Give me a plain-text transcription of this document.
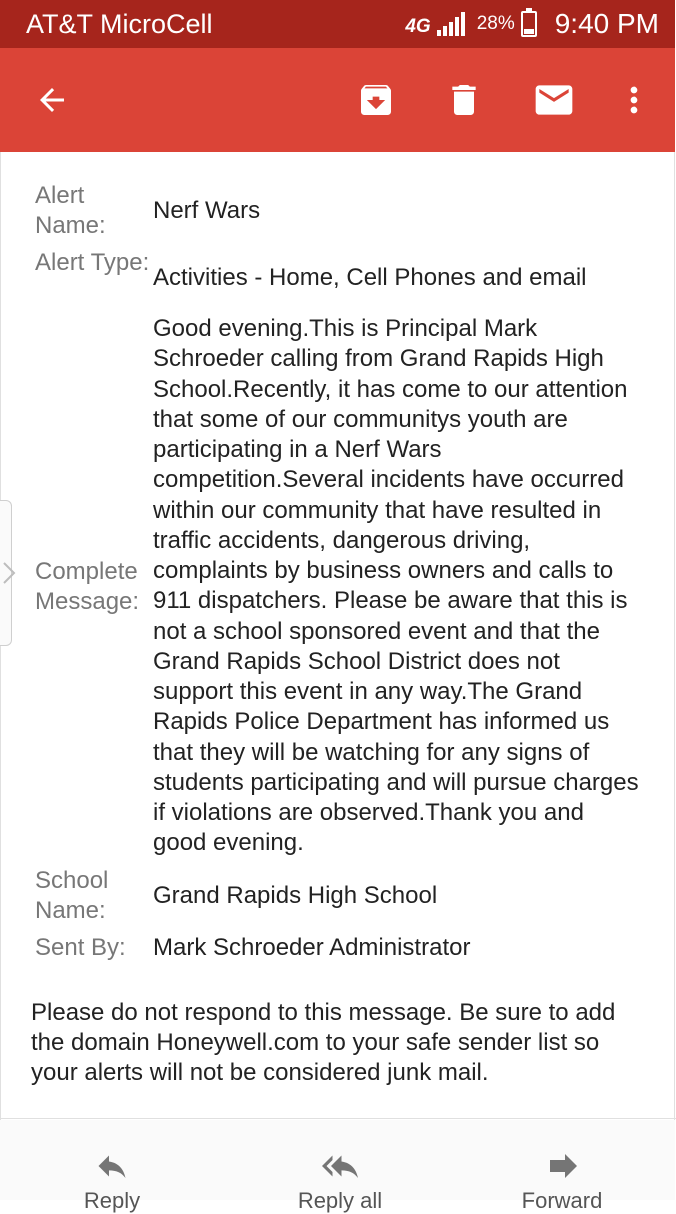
AT&T MicroCell	4G 28% 9:40 PM
Alert Name:
Nerf Wars
Alert Type:
Activities - Home, Cell Phones and email
Complete Message:
Good evening.This is Principal Mark Schroeder calling from Grand Rapids High School.Recently, it has come to our attention that some of our communitys youth are participating in a Nerf Wars competition.Several incidents have occurred within our community that have resulted in traffic accidents, dangerous driving, complaints by business owners and calls to 911 dispatchers. Please be aware that this is not a school sponsored event and that the Grand Rapids School District does not support this event in any way.The Grand Rapids Police Department has informed us that they will be watching for any signs of students participating and will pursue charges if violations are observed.Thank you and good evening.
School Name:
Grand Rapids High School
Sent By:	Mark Schroeder Administrator
Please do not respond to this message. Be sure to add the domain Honeywell.com to your safe sender list so your alerts will not be considered junk mail.
Reply	Reply all	Forward
